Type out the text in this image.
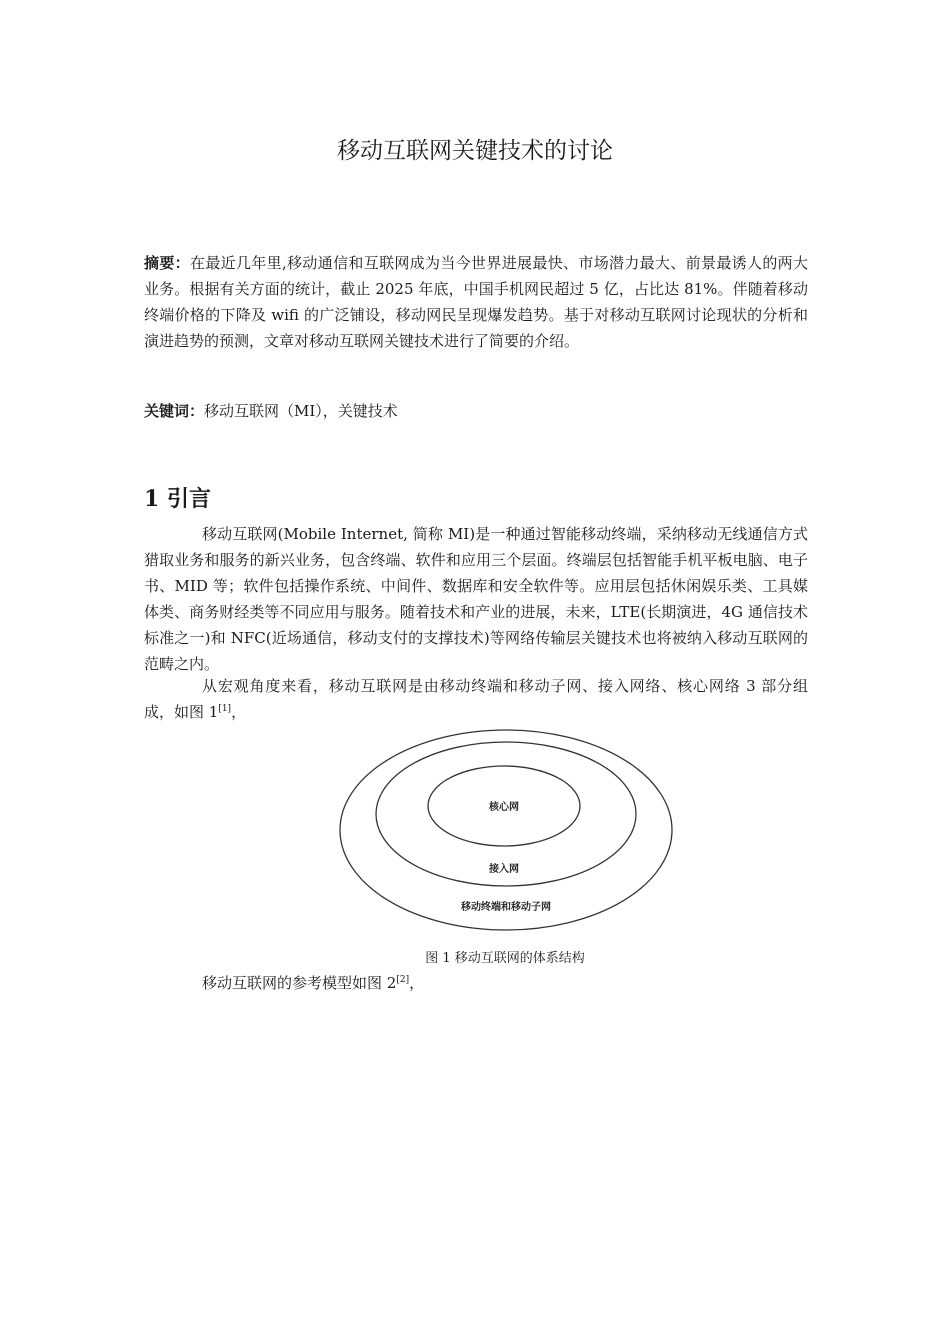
移动互联网关键技术的讨论
摘要：在最近几年里,移动通信和互联网成为当今世界进展最快、市场潜力最大、前景最诱人的两大业务。根据有关方面的统计，截止 2025 年底，中国手机网民超过 5 亿，占比达 81%。伴随着移动终端价格的下降及 wifi 的广泛铺设，移动网民呈现爆发趋势。基于对移动互联网讨论现状的分析和演进趋势的预测，文章对移动互联网关键技术进行了简要的介绍。
关键词：移动互联网（MI），关键技术
1 引言

移动互联网(Mobile Internet, 简称 MI)是一种通过智能移动终端，采纳移动无线通信方式猎取业务和服务的新兴业务，包含终端、软件和应用三个层面。终端层包括智能手机平板电脑、电子书、MID 等；软件包括操作系统、中间件、数据库和安全软件等。应用层包括休闲娱乐类、工具媒体类、商务财经类等不同应用与服务。随着技术和产业的进展，未来，LTE(长期演进，4G 通信技术标准之一)和 NFC(近场通信，移动支付的支撑技术)等网络传输层关键技术也将被纳入移动互联网的范畴之内。

从宏观角度来看，移动互联网是由移动终端和移动子网、接入网络、核心网络 3 部分组 成，如图 1[1]，

核心网
接入网
移动终端和移动子网
图 1 移动互联网的体系结构

移动互联网的参考模型如图 2[2]，
